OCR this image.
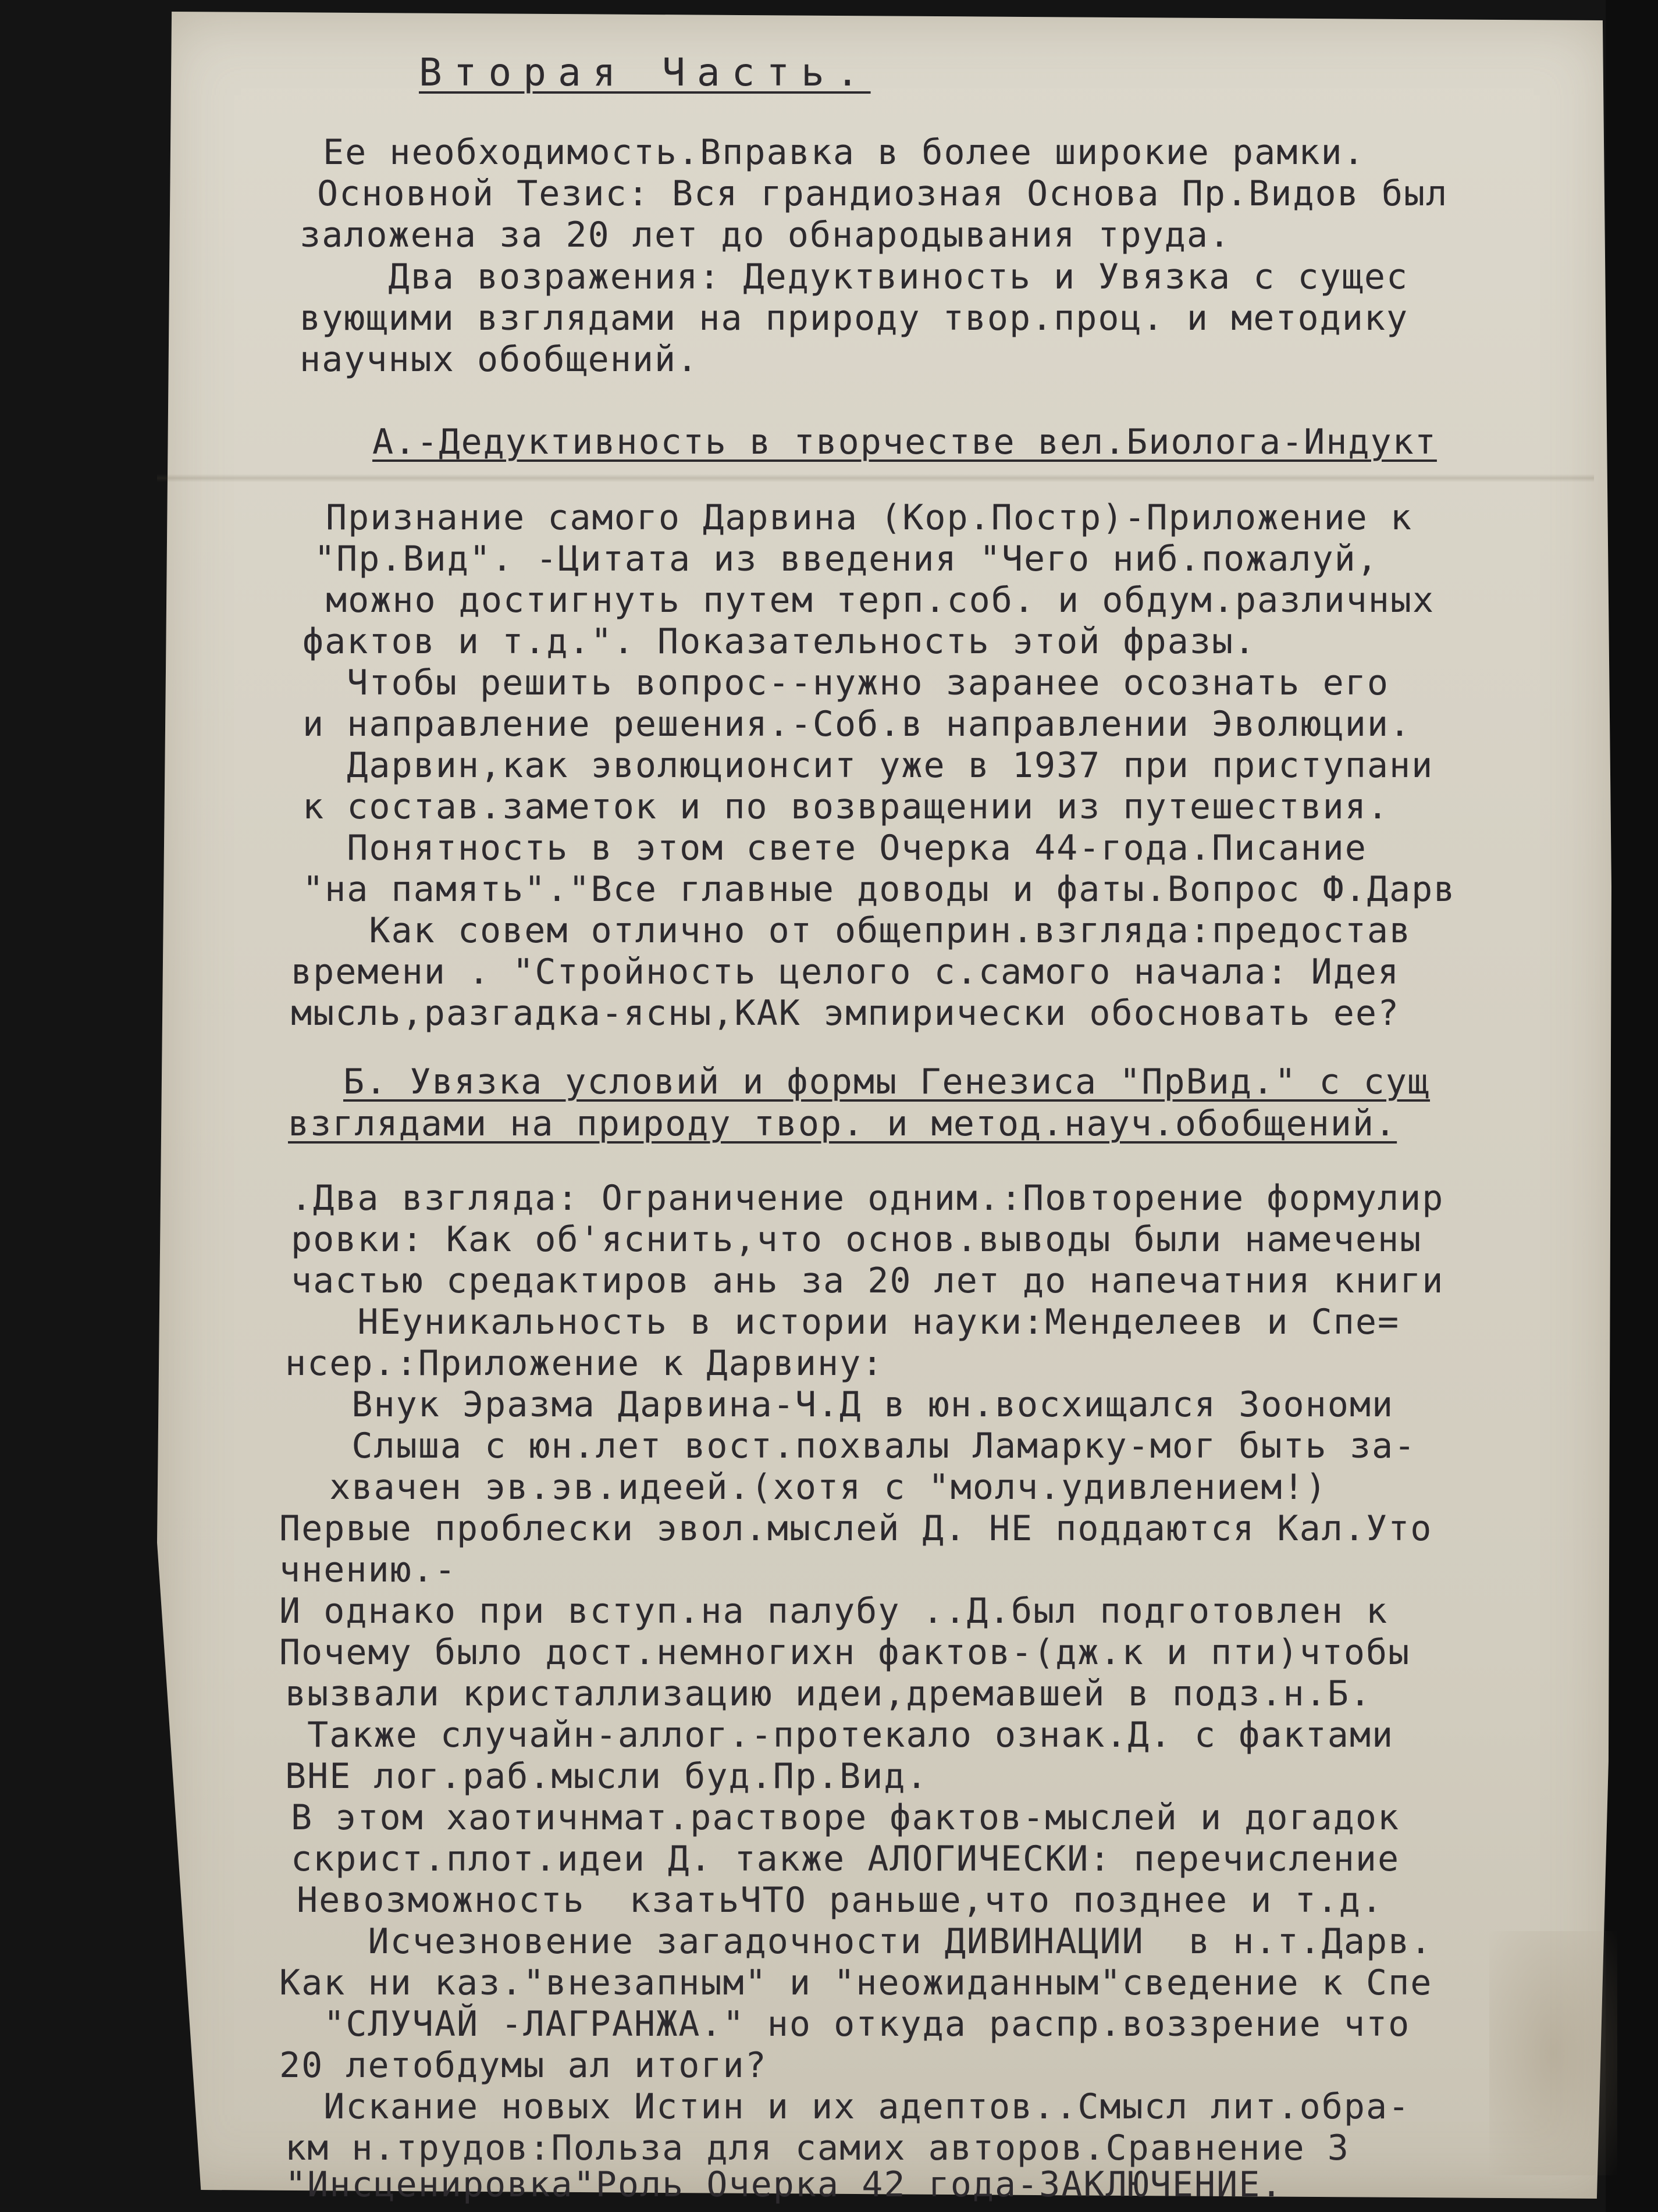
Вторая Часть.
Ее необходимость.Вправка в более широкие рамки.
Основной Тезис: Вся грандиозная Основа Пр.Видов был
заложена за 20 лет до обнародывания труда.
Два возражения: Дедуктвиность и Увязка с сущес
вующими взглядами на природу твор.проц. и методику
научных обобщений.
А.-Дедуктивность в творчестве вел.Биолога-Индукт
Признание самого Дарвина (Кор.Постр)-Приложение к
"Пр.Вид". -Цитата из введения "Чего ниб.пожалуй,
можно достигнуть путем терп.соб. и обдум.различных
фактов и т.д.". Показательность этой фразы.
Чтобы решить вопрос--нужно заранее осознать его
и направление решения.-Соб.в направлении Эволюции.
Дарвин,как эволюционсит уже в 1937 при приступани
к состав.заметок и по возвращении из путешествия.
Понятность в этом свете Очерка 44-года.Писание
"на память"."Все главные доводы и фаты.Вопрос Ф.Дарв
Как совем отлично от общеприн.взгляда:предостав
времени . "Стройность целого с.самого начала: Идея
мысль,разгадка-ясны,КАК эмпирически обосновать ее?
Б. Увязка условий и формы Генезиса "ПрВид." с сущ
взглядами на природу твор. и метод.науч.обобщений.
.Два взгляда: Ограничение одним.:Повторение формулир
ровки: Как об'яснить,что основ.выводы были намечены
частью средактиров ань за 20 лет до напечатния книги
НЕуникальность в истории науки:Менделеев и Спе=
нсер.:Приложение к Дарвину:
Внук Эразма Дарвина-Ч.Д в юн.восхищался Зоономи
Слыша с юн.лет вост.похвалы Ламарку-мог быть за-
хвачен эв.эв.идеей.(хотя с "молч.удивлением!)
Первые проблески эвол.мыслей Д. НЕ поддаются Кал.Уто
чнению.-
И однако при вступ.на палубу ..Д.был подготовлен к
Почему было дост.немногихн фактов-(дж.к и пти)чтобы
вызвали кристаллизацию идеи,дремавшей в подз.н.Б.
Также случайн-аллог.-протекало ознак.Д. с фактами
ВНЕ лог.раб.мысли буд.Пр.Вид.
В этом хаотичнмат.растворе фактов-мыслей и догадок
скрист.плот.идеи Д. также АЛОГИЧЕСКИ: перечисление
Невозможность  кзатьЧТО раньше,что позднее и т.д.
Исчезновение загадочности ДИВИНАЦИИ  в н.т.Дарв.
Как ни каз."внезапным" и "неожиданным"сведение к Спе
"СЛУЧАЙ -ЛАГРАНЖА." но откуда распр.воззрение что
20 летобдумы ал итоги?
Искание новых Истин и их адептов..Смысл лит.обра-
км н.трудов:Польза для самих авторов.Сравнение З
"Инсценировка"Роль Очерка 42 года-ЗАКЛЮЧЕНИЕ.
